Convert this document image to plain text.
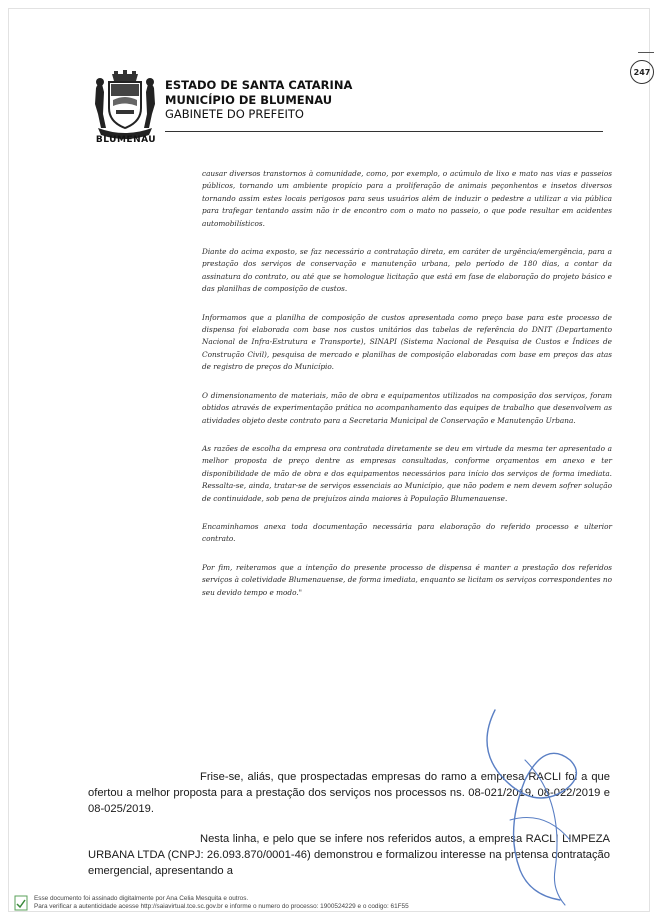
247
BLUMENAU
ESTADO DE SANTA CATARINA
MUNICÍPIO DE BLUMENAU
GABINETE DO PREFEITO

causar diversos transtornos à comunidade, como, por exemplo, o acúmulo de lixo e mato nas vias e passeios públicos, tornando um ambiente propício para a proliferação de animais peçonhentos e insetos diversos tornando assim estes locais perigosos para seus usuários além de induzir o pedestre a utilizar a via pública para trafegar tentando assim não ir de encontro com o mato no passeio, o que pode resultar em acidentes automobilísticos.

Diante do acima exposto, se faz necessário a contratação direta, em caráter de urgência/emergência, para a prestação dos serviços de conservação e manutenção urbana, pelo período de 180 dias, a contar da assinatura do contrato, ou até que se homologue licitação que está em fase de elaboração do projeto básico e das planilhas de composição de custos.

Informamos que a planilha de composição de custos apresentada como preço base para este processo de dispensa foi elaborada com base nos custos unitários das tabelas de referência do DNIT (Departamento Nacional de Infra-Estrutura e Transporte), SINAPI (Sistema Nacional de Pesquisa de Custos e Índices de Construção Civil), pesquisa de mercado e planilhas de composição elaboradas com base em preços das atas de registro de preços do Município.

O dimensionamento de materiais, mão de obra e equipamentos utilizados na composição dos serviços, foram obtidos através de experimentação prática no acompanhamento das equipes de trabalho que desenvolvem as atividades objeto deste contrato para a Secretaria Municipal de Conservação e Manutenção Urbana.

As razões de escolha da empresa ora contratada diretamente se deu em virtude da mesma ter apresentado a melhor proposta de preço dentre as empresas consultadas, conforme orçamentos em anexo e ter disponibilidade de mão de obra e dos equipamentos necessários para início dos serviços de forma imediata. Ressalta-se, ainda, tratar-se de serviços essenciais ao Município, que não podem e nem devem sofrer solução de continuidade, sob pena de prejuízos ainda maiores à População Blumenauense.

Encaminhamos anexa toda documentação necessária para elaboração do referido processo e ulterior contrato.

Por fim, reiteramos que a intenção do presente processo de dispensa é manter a prestação dos referidos serviços à coletividade Blumenauense, de forma imediata, enquanto se licitam os serviços correspondentes no seu devido tempo e modo."

Frise-se, aliás, que prospectadas empresas do ramo a empresa RACLI foi a que ofertou a melhor proposta para a prestação dos serviços nos processos ns. 08-021/2019, 08-022/2019 e 08-025/2019.

Nesta linha, e pelo que se infere nos referidos autos, a empresa RACLI LIMPEZA URBANA LTDA (CNPJ: 26.093.870/0001-46) demonstrou e formalizou interesse na pretensa contratação emergencial, apresentando a

Esse documento foi assinado digitalmente por Ana Celia Mesquita e outros.
Para verificar a autenticidade acesse http://saiavirtual.tce.sc.gov.br e informe o numero do processo: 1900524229 e o codigo: 61F55
